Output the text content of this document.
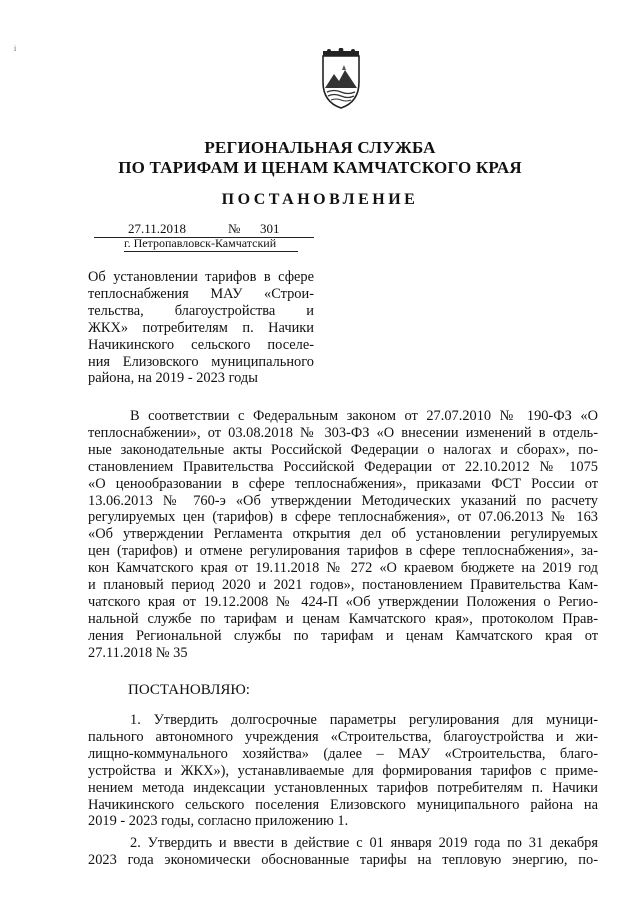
і
РЕГИОНАЛЬНАЯ СЛУЖБА
ПО ТАРИФАМ И ЦЕНАМ КАМЧАТСКОГО КРАЯ
ПОСТАНОВЛЕНИЕ
27.11.2018	№ 301
г. Петропавловск-Камчатский
Об установлении тарифов в сфере
теплоснабжения МАУ «Строи-
тельства, благоустройства и
ЖКХ» потребителям п. Начики
Начикинского сельского поселе-
ния Елизовского муниципального
района, на 2019 - 2023 годы
В соответствии с Федеральным законом от 27.07.2010 № 190-ФЗ «О
теплоснабжении», от 03.08.2018 № 303-ФЗ «О внесении изменений в отдель-
ные законодательные акты Российской Федерации о налогах и сборах», по-
становлением Правительства Российской Федерации от 22.10.2012 № 1075
«О ценообразовании в сфере теплоснабжения», приказами ФСТ России от
13.06.2013 № 760-э «Об утверждении Методических указаний по расчету
регулируемых цен (тарифов) в сфере теплоснабжения», от 07.06.2013 № 163
«Об утверждении Регламента открытия дел об установлении регулируемых
цен (тарифов) и отмене регулирования тарифов в сфере теплоснабжения», за-
кон Камчатского края от 19.11.2018 № 272 «О краевом бюджете на 2019 год
и плановый период 2020 и 2021 годов», постановлением Правительства Кам-
чатского края от 19.12.2008 № 424-П «Об утверждении Положения о Регио-
нальной службе по тарифам и ценам Камчатского края», протоколом Прав-
ления Региональной службы по тарифам и ценам Камчатского края от
27.11.2018 № 35
ПОСТАНОВЛЯЮ:
1. Утвердить долгосрочные параметры регулирования для муници-
пального автономного учреждения «Строительства, благоустройства и жи-
лищно-коммунального хозяйства» (далее – МАУ «Строительства, благо-
устройства и ЖКХ»), устанавливаемые для формирования тарифов с приме-
нением метода индексации установленных тарифов потребителям п. Начики
Начикинского сельского поселения Елизовского муниципального района на
2019 - 2023 годы, согласно приложению 1.
2. Утвердить и ввести в действие с 01 января 2019 года по 31 декабря
2023 года экономически обоснованные тарифы на тепловую энергию, по-
